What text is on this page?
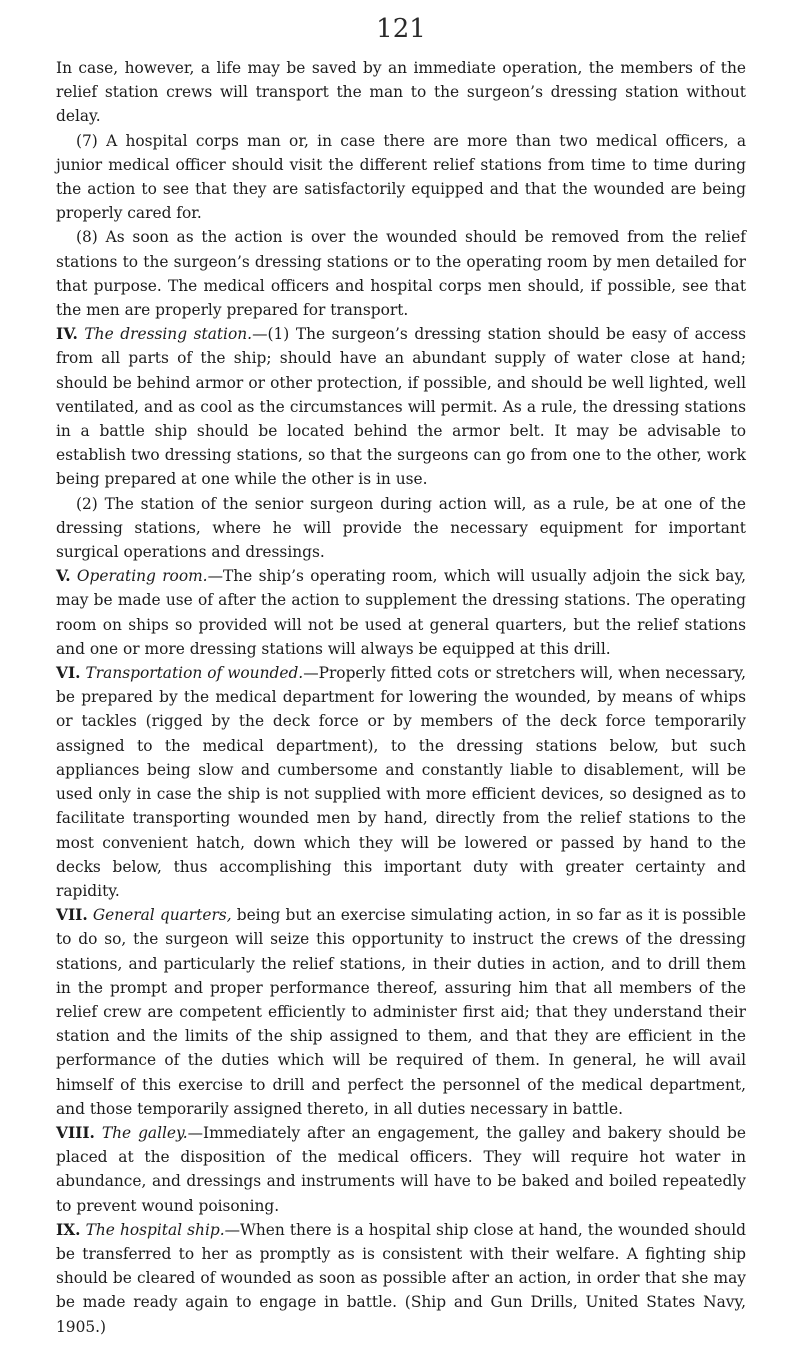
121

In case, however, a life may be saved by an immediate operation, the members of the relief station crews will transport the man to the surgeon’s dressing station without delay.

(7) A hospital corps man or, in case there are more than two medical officers, a junior medical officer should visit the different relief stations from time to time during the action to see that they are satisfactorily equipped and that the wounded are being properly cared for.

(8) As soon as the action is over the wounded should be removed from the relief stations to the surgeon’s dressing stations or to the operating room by men detailed for that purpose. The medical officers and hospital corps men should, if possible, see that the men are properly prepared for transport.

IV. The dressing station.—(1) The surgeon’s dressing station should be easy of access from all parts of the ship; should have an abundant supply of water close at hand; should be behind armor or other protection, if possible, and should be well lighted, well ventilated, and as cool as the circumstances will permit. As a rule, the dressing stations in a battle ship should be located behind the armor belt. It may be advisable to establish two dressing stations, so that the surgeons can go from one to the other, work being prepared at one while the other is in use.

(2) The station of the senior surgeon during action will, as a rule, be at one of the dressing stations, where he will provide the necessary equipment for important surgical operations and dressings.

V. Operating room.—The ship’s operating room, which will usually adjoin the sick bay, may be made use of after the action to supplement the dressing stations. The operating room on ships so provided will not be used at general quarters, but the relief stations and one or more dressing stations will always be equipped at this drill.

VI. Transportation of wounded.—Properly fitted cots or stretchers will, when necessary, be prepared by the medical department for lowering the wounded, by means of whips or tackles (rigged by the deck force or by members of the deck force temporarily assigned to the medical department), to the dressing stations below, but such appliances being slow and cumbersome and constantly liable to disablement, will be used only in case the ship is not supplied with more efficient devices, so designed as to facilitate transporting wounded men by hand, directly from the relief stations to the most convenient hatch, down which they will be lowered or passed by hand to the decks below, thus accomplishing this important duty with greater certainty and rapidity.

VII. General quarters, being but an exercise simulating action, in so far as it is possible to do so, the surgeon will seize this opportunity to instruct the crews of the dressing stations, and particularly the relief stations, in their duties in action, and to drill them in the prompt and proper performance thereof, assuring him that all members of the relief crew are competent efficiently to administer first aid; that they understand their station and the limits of the ship assigned to them, and that they are efficient in the performance of the duties which will be required of them. In general, he will avail himself of this exercise to drill and perfect the personnel of the medical department, and those temporarily assigned thereto, in all duties necessary in battle.

VIII. The galley.—Immediately after an engagement, the galley and bakery should be placed at the disposition of the medical officers. They will require hot water in abundance, and dressings and instruments will have to be baked and boiled repeatedly to prevent wound poisoning.

IX. The hospital ship.—When there is a hospital ship close at hand, the wounded should be transferred to her as promptly as is consistent with their welfare. A fighting ship should be cleared of wounded as soon as possible after an action, in order that she may be made ready again to engage in battle. (Ship and Gun Drills, United States Navy, 1905.)
